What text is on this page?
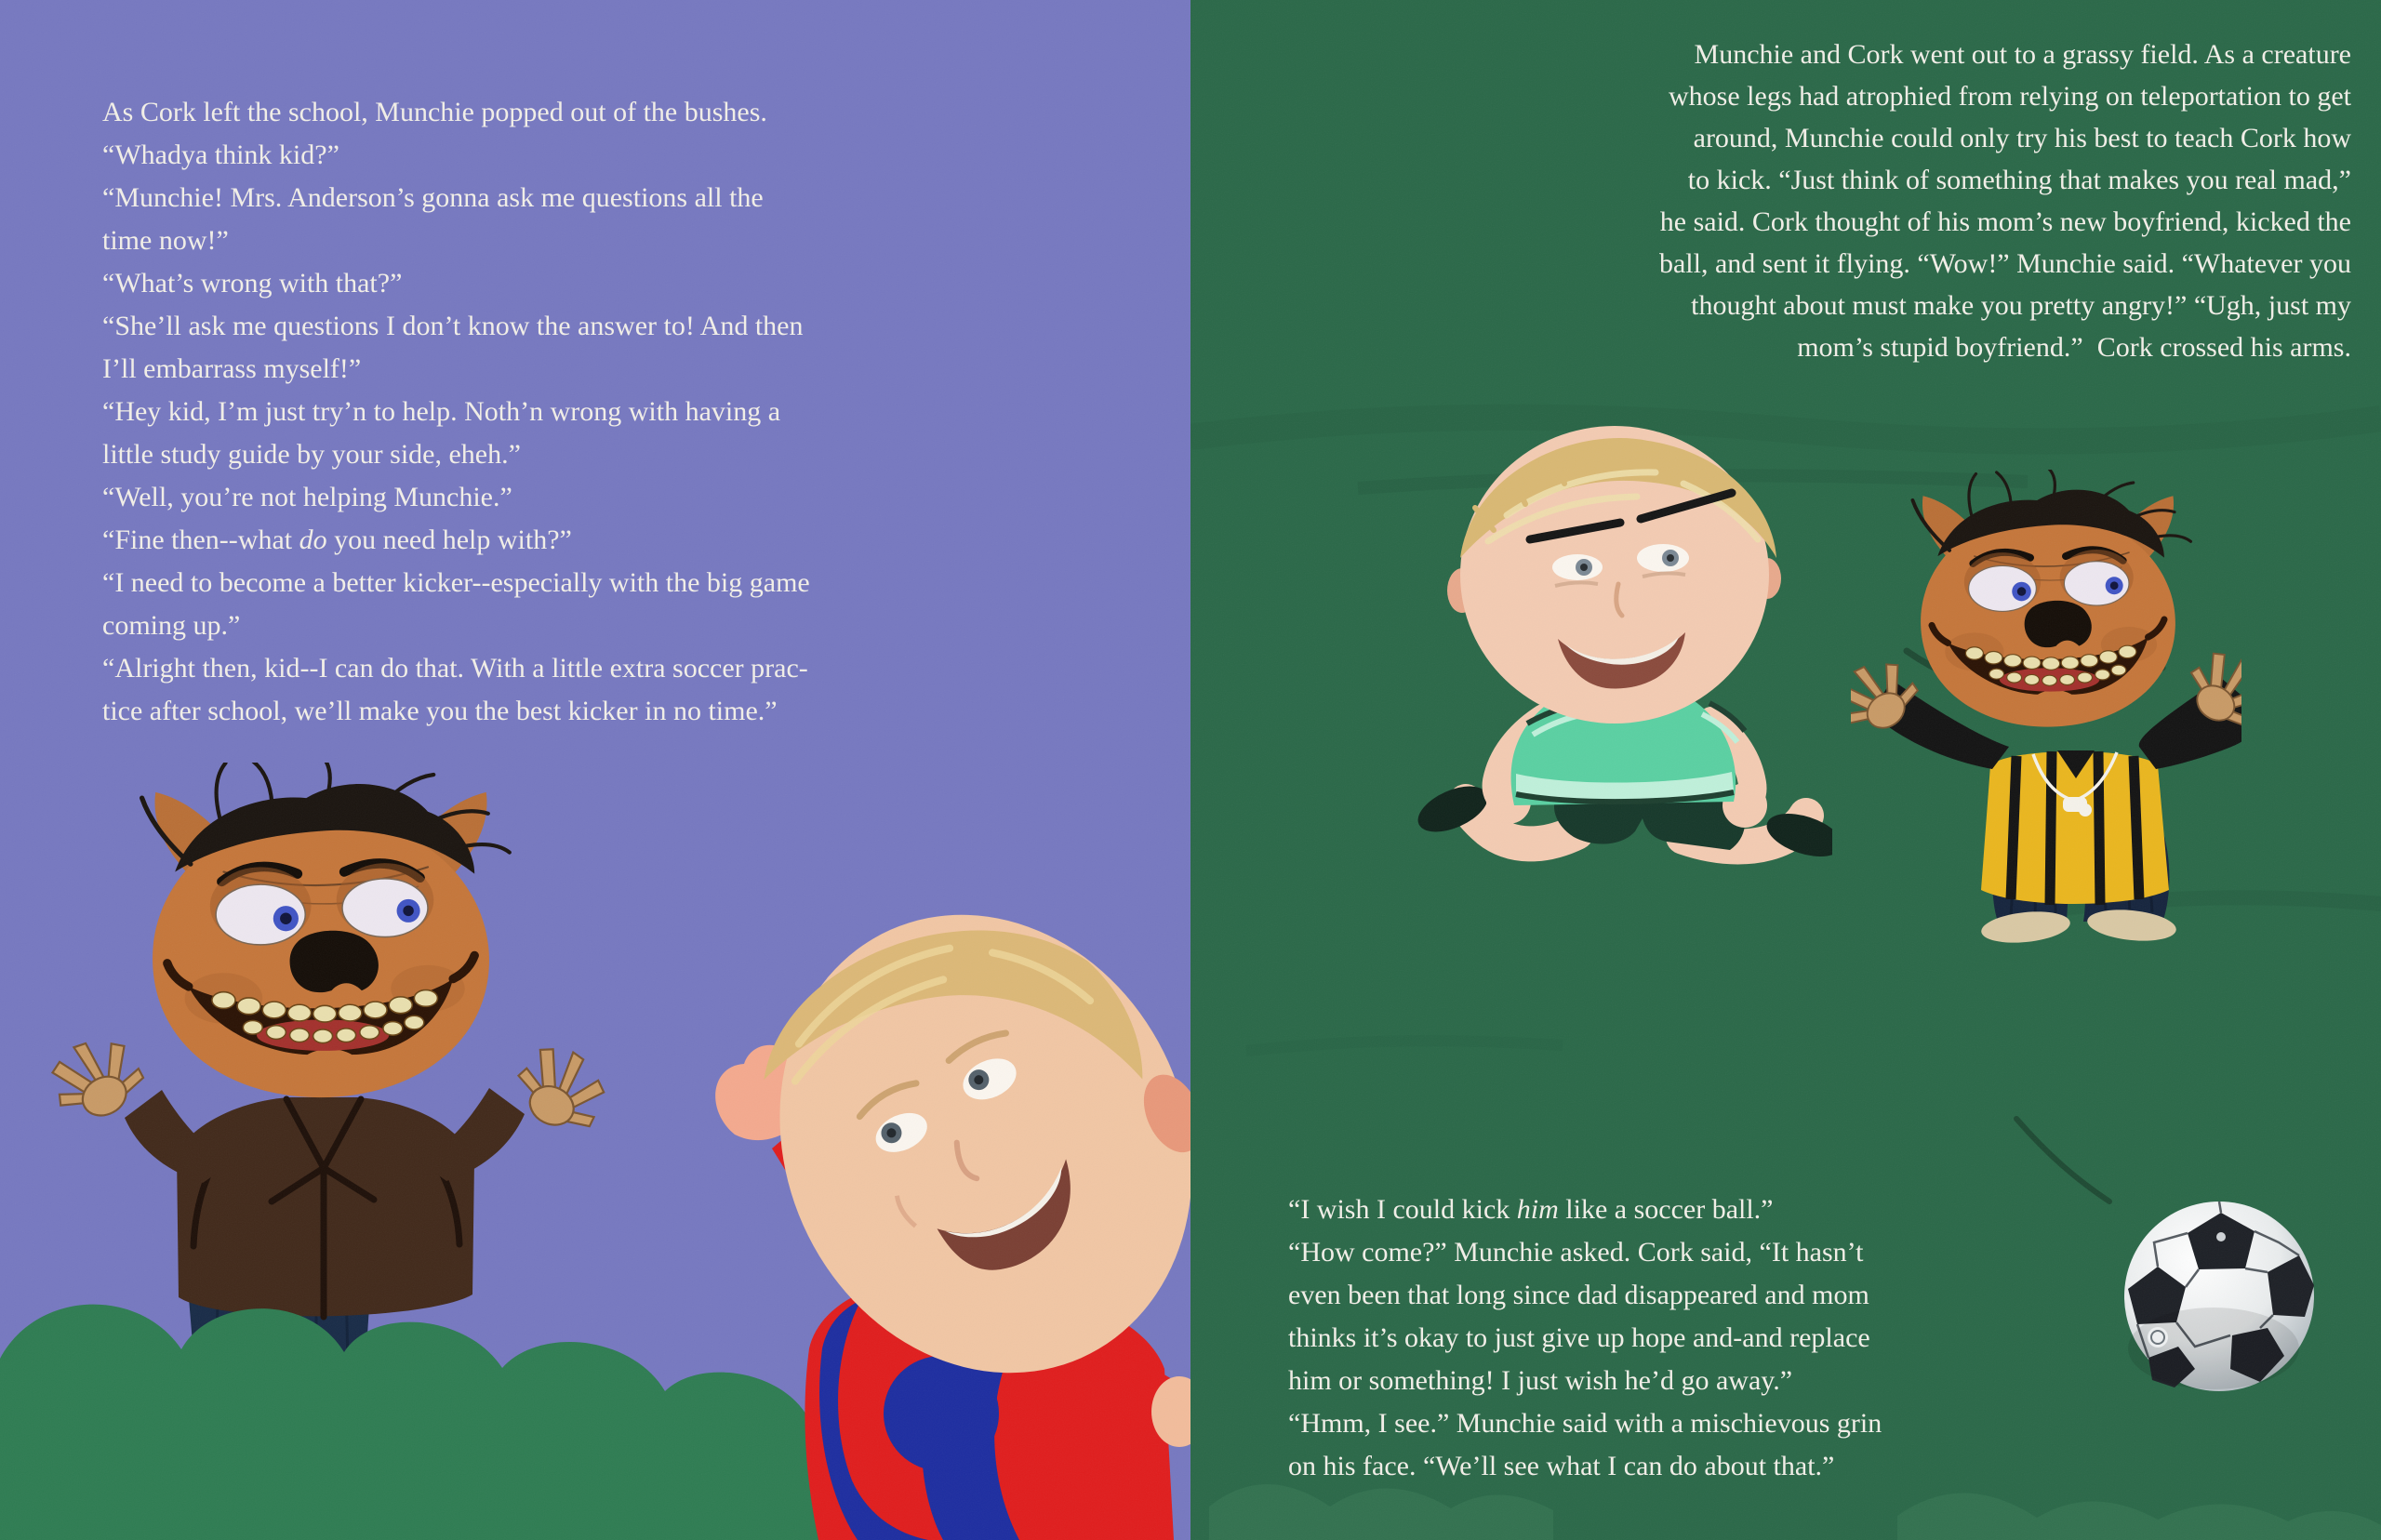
As Cork left the school, Munchie popped out of the bushes.
“Whadya think kid?”
“Munchie! Mrs. Anderson’s gonna ask me questions all the
time now!”
“What’s wrong with that?”
“She’ll ask me questions I don’t know the answer to! And then
I’ll embarrass myself!”
“Hey kid, I’m just try’n to help. Noth’n wrong with having a
little study guide by your side, eheh.”
“Well, you’re not helping Munchie.”
“Fine then--what do you need help with?”
“I need to become a better kicker--especially with the big game
coming up.”
“Alright then, kid--I can do that. With a little extra soccer prac-
tice after school, we’ll make you the best kicker in no time.”
Munchie and Cork went out to a grassy field. As a creature
whose legs had atrophied from relying on teleportation to get
around, Munchie could only try his best to teach Cork how
to kick. “Just think of something that makes you real mad,”
he said. Cork thought of his mom’s new boyfriend, kicked the
ball, and sent it flying. “Wow!” Munchie said. “Whatever you
thought about must make you pretty angry!” “Ugh, just my
mom’s stupid boyfriend.”  Cork crossed his arms.
“I wish I could kick him like a soccer ball.”
“How come?” Munchie asked. Cork said, “It hasn’t
even been that long since dad disappeared and mom
thinks it’s okay to just give up hope and-and replace
him or something! I just wish he’d go away.”
“Hmm, I see.” Munchie said with a mischievous grin
on his face. “We’ll see what I can do about that.”
